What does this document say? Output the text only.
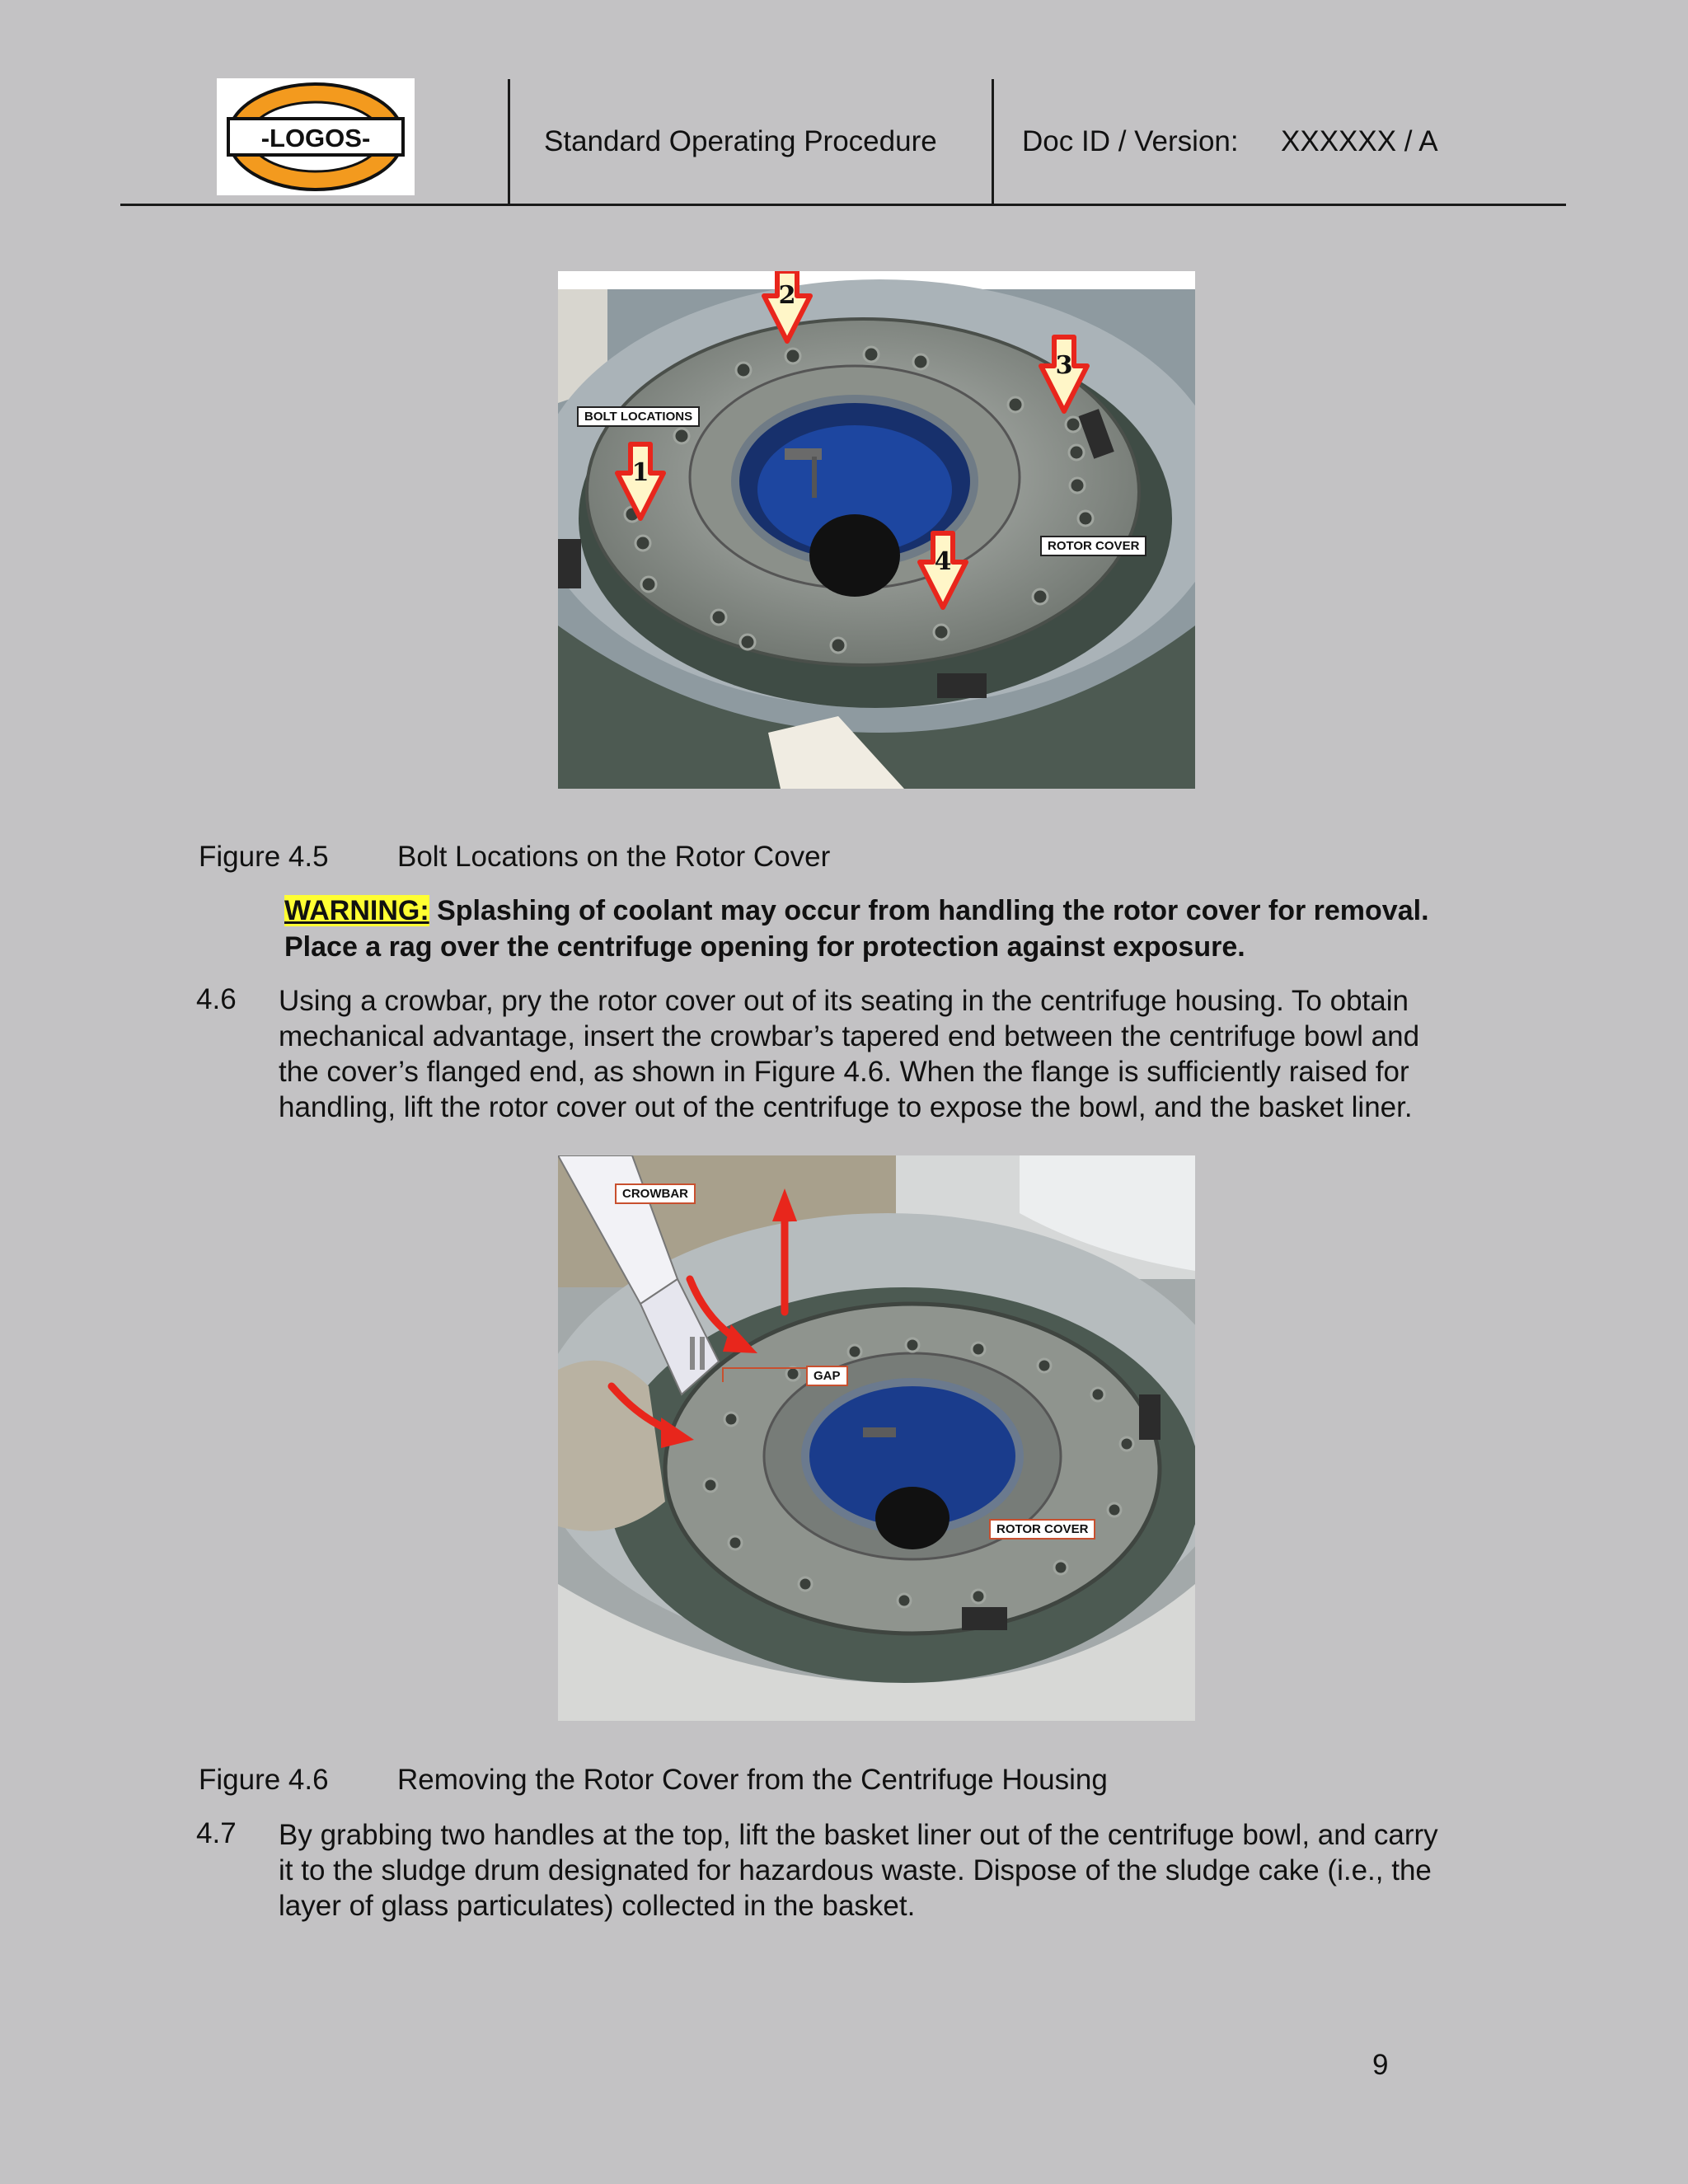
-LOGOS-	Standard Operating Procedure	Doc ID / Version: XXXXXX / A
1
2
3
4
BOLT LOCATIONS
ROTOR COVER
Figure 4.5 Bolt Locations on the Rotor Cover
WARNING: Splashing of coolant may occur from handling the rotor cover for removal.
Place a rag over the centrifuge opening for protection against exposure.
4.6 Using a crowbar, pry the rotor cover out of its seating in the centrifuge housing. To obtain
mechanical advantage, insert the crowbar’s tapered end between the centrifuge bowl and
the cover’s flanged end, as shown in Figure 4.6. When the flange is sufficiently raised for
handling, lift the rotor cover out of the centrifuge to expose the bowl, and the basket liner.
CROWBAR
GAP
ROTOR COVER
Figure 4.6 Removing the Rotor Cover from the Centrifuge Housing
4.7 By grabbing two handles at the top, lift the basket liner out of the centrifuge bowl, and carry
it to the sludge drum designated for hazardous waste. Dispose of the sludge cake (i.e., the
layer of glass particulates) collected in the basket.
9
